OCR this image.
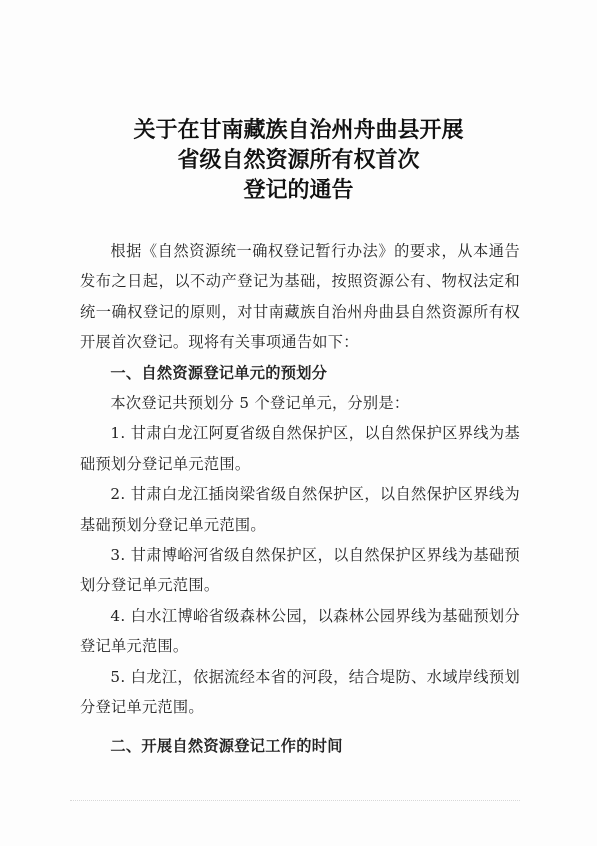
关于在甘南藏族自治州舟曲县开展
省级自然资源所有权首次
登记的通告

根据《自然资源统一确权登记暂行办法》的要求，从本通告发布之日起，以不动产登记为基础，按照资源公有、物权法定和统一确权登记的原则，对甘南藏族自治州舟曲县自然资源所有权开展首次登记。现将有关事项通告如下：

一、自然资源登记单元的预划分

本次登记共预划分 5 个登记单元，分别是：

1. 甘肃白龙江阿夏省级自然保护区，以自然保护区界线为基础预划分登记单元范围。

2. 甘肃白龙江插岗梁省级自然保护区，以自然保护区界线为基础预划分登记单元范围。

3. 甘肃博峪河省级自然保护区，以自然保护区界线为基础预划分登记单元范围。

4. 白水江博峪省级森林公园，以森林公园界线为基础预划分登记单元范围。

5. 白龙江，依据流经本省的河段，结合堤防、水域岸线预划分登记单元范围。

二、开展自然资源登记工作的时间
